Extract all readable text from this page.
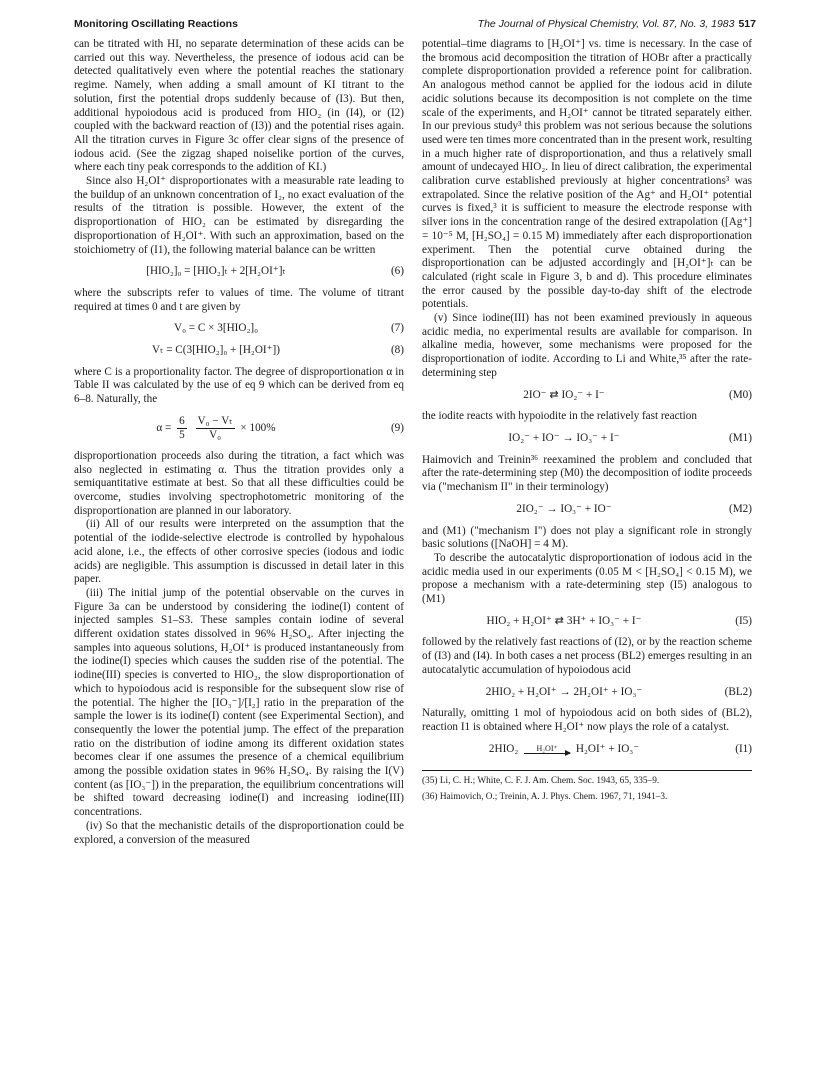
Monitoring Oscillating Reactions	The Journal of Physical Chemistry, Vol. 87, No. 3, 1983 517

can be titrated with HI, no separate determination of these acids can be carried out this way. Nevertheless, the presence of iodous acid can be detected qualitatively even where the potential reaches the stationary regime. Namely, when adding a small amount of KI titrant to the solution, first the potential drops suddenly because of (I3). But then, additional hypoiodous acid is produced from HIO₂ (in (I4), or (I2) coupled with the backward reaction of (I3)) and the potential rises again. All the titration curves in Figure 3c offer clear signs of the presence of iodous acid. (See the zigzag shaped noiselike portion of the curves, where each tiny peak corresponds to the addition of KI.)

Since also H₂OI⁺ disproportionates with a measurable rate leading to the buildup of an unknown concentration of I₂, no exact evaluation of the results of the titration is possible. However, the extent of the disproportionation of HIO₂ can be estimated by disregarding the disproportionation of H₂OI⁺. With such an approximation, based on the stoichiometry of (I1), the following material balance can be written

[HIO₂]₀ = [HIO₂]ₜ + 2[H₂OI⁺]ₜ	(6)

where the subscripts refer to values of time. The volume of titrant required at times 0 and t are given by

V₀ = C × 3[HIO₂]₀	(7)
Vₜ = C(3[HIO₂]₀ + [H₂OI⁺])	(8)

where C is a proportionality factor. The degree of disproportionation α in Table II was calculated by the use of eq 9 which can be derived from eq 6–8. Naturally, the

$\alpha = \frac{6}{5}$
$\frac{\text{V₀ − Vₜ}}{\text{V₀}} \times 100\%$	(9)

disproportionation proceeds also during the titration, a fact which was also neglected in estimating α. Thus the titration provides only a semiquantitative estimate at best. So that all these difficulties could be overcome, studies involving spectrophotometric monitoring of the disproportionation are planned in our laboratory.

(ii) All of our results were interpreted on the assumption that the potential of the iodide-selective electrode is controlled by hypohalous acid alone, i.e., the effects of other corrosive species (iodous and iodic acids) are negligible. This assumption is discussed in detail later in this paper.

(iii) The initial jump of the potential observable on the curves in Figure 3a can be understood by considering the iodine(I) content of injected samples S1–S3. These samples contain iodine of several different oxidation states dissolved in 96% H₂SO₄. After injecting the samples into aqueous solutions, H₂OI⁺ is produced instantaneously from the iodine(I) species which causes the sudden rise of the potential. The iodine(III) species is converted to HIO₂, the slow disproportionation of which to hypoiodous acid is responsible for the subsequent slow rise of the potential. The higher the [IO₃⁻]/[I₂] ratio in the preparation of the sample the lower is its iodine(I) content (see Experimental Section), and consequently the lower the potential jump. The effect of the preparation ratio on the distribution of iodine among its different oxidation states becomes clear if one assumes the presence of a chemical equilibrium among the possible oxidation states in 96% H₂SO₄. By raising the I(V) content (as [IO₃⁻]) in the preparation, the equilibrium concentrations will be shifted toward decreasing iodine(I) and increasing iodine(III) concentrations.

(iv) So that the mechanistic details of the disproportionation could be explored, a conversion of the measured

potential–time diagrams to [H₂OI⁺] vs. time is necessary. In the case of the bromous acid decomposition the titration of HOBr after a practically complete disproportionation provided a reference point for calibration. An analogous method cannot be applied for the iodous acid in dilute acidic solutions because its decomposition is not complete on the time scale of the experiments, and H₂OI⁺ cannot be titrated separately either. In our previous study³ this problem was not serious because the solutions used were ten times more concentrated than in the present work, resulting in a much higher rate of disproportionation, and thus a relatively small amount of undecayed HIO₂. In lieu of direct calibration, the experimental calibration curve established previously at higher concentrations³ was extrapolated. Since the relative position of the Ag⁺ and H₂OI⁺ potential curves is fixed,³ it is sufficient to measure the electrode response with silver ions in the concentration range of the desired extrapolation ([Ag⁺] = 10⁻⁵ M, [H₂SO₄] = 0.15 M) immediately after each disproportionation experiment. Then the potential curve obtained during the disproportionation can be adjusted accordingly and [H₂OI⁺]ₜ can be calculated (right scale in Figure 3, b and d). This procedure eliminates the error caused by the possible day-to-day shift of the electrode potentials.

(v) Since iodine(III) has not been examined previously in aqueous acidic media, no experimental results are available for comparison. In alkaline media, however, some mechanisms were proposed for the disproportionation of iodite. According to Li and White,³⁵ after the rate-determining step

2IO⁻ ⇄ IO₂⁻ + I⁻	(M0)

the iodite reacts with hypoiodite in the relatively fast reaction

IO₂⁻ + IO⁻ → IO₃⁻ + I⁻	(M1)

Haimovich and Treinin³⁶ reexamined the problem and concluded that after the rate-determining step (M0) the decomposition of iodite proceeds via ("mechanism II" in their terminology)

2IO₂⁻ → IO₃⁻ + IO⁻	(M2)

and (M1) ("mechanism I") does not play a significant role in strongly basic solutions ([NaOH] = 4 M).

To describe the autocatalytic disproportionation of iodous acid in the acidic media used in our experiments (0.05 M < [H₂SO₄] < 0.15 M), we propose a mechanism with a rate-determining step (I5) analogous to (M1)

HIO₂ + H₂OI⁺ ⇄ 3H⁺ + IO₃⁻ + I⁻	(I5)

followed by the relatively fast reactions of (I2), or by the reaction scheme of (I3) and (I4). In both cases a net process (BL2) emerges resulting in an autocatalytic accumulation of hypoiodous acid

2HIO₂ + H₂OI⁺ → 2H₂OI⁺ + IO₃⁻	(BL2)

Naturally, omitting 1 mol of hypoiodous acid on both sides of (BL2), reaction I1 is obtained where H₂OI⁺ now plays the role of a catalyst.

2HIO₂ H₂OI⁺ H₂OI⁺ + IO₃⁻	(I1)
(35) Li, C. H.; White, C. F. J. Am. Chem. Soc. 1943, 65, 335–9.
(36) Haimovich, O.; Treinin, A. J. Phys. Chem. 1967, 71, 1941–3.
